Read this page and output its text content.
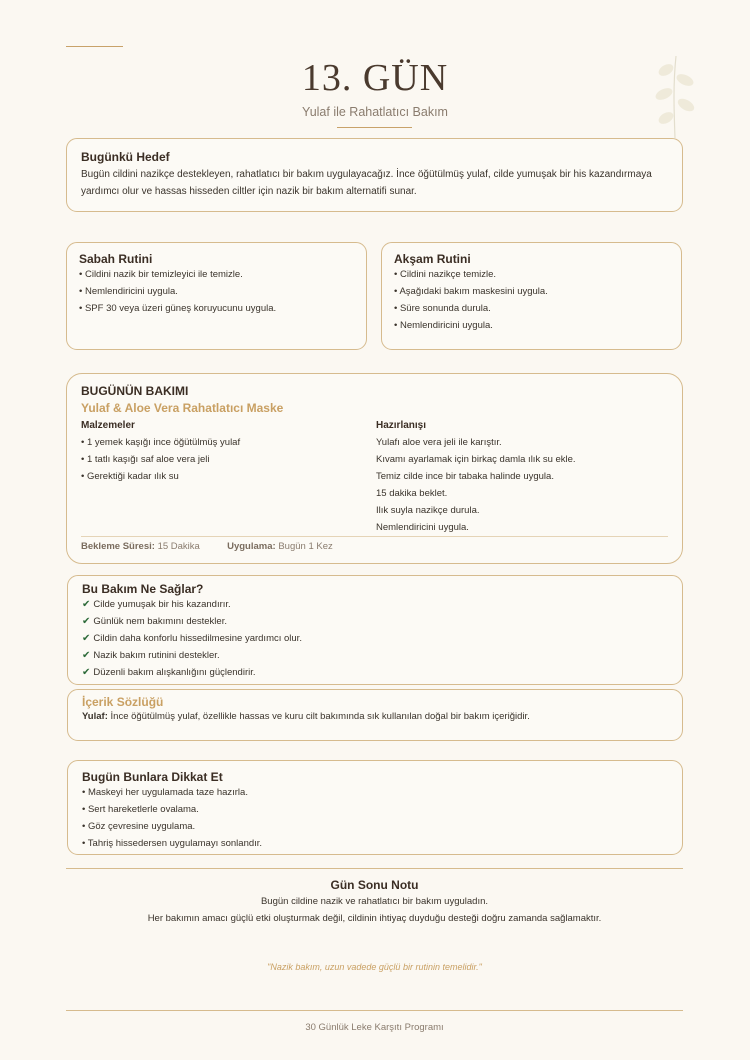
13. GÜN
Yulaf ile Rahatlatıcı Bakım
Bugünkü Hedef
Bugün cildini nazikçe destekleyen, rahatlatıcı bir bakım uygulayacağız. İnce öğütülmüş yulaf, cilde yumuşak bir his kazandırmaya yardımcı olur ve hassas hisseden ciltler için nazik bir bakım alternatifi sunar.
Sabah Rutini
• Cildini nazik bir temizleyici ile temizle.
• Nemlendiricini uygula.
• SPF 30 veya üzeri güneş koruyucunu uygula.
Akşam Rutini
• Cildini nazikçe temizle.
• Aşağıdaki bakım maskesini uygula.
• Süre sonunda durula.
• Nemlendiricini uygula.
BUGÜNÜN BAKIMI
Yulaf & Aloe Vera Rahatlatıcı Maske
Malzemeler
• 1 yemek kaşığı ince öğütülmüş yulaf
• 1 tatlı kaşığı saf aloe vera jeli
• Gerektiği kadar ılık su
Hazırlanışı
Yulafı aloe vera jeli ile karıştır.
Kıvamı ayarlamak için birkaç damla ılık su ekle.
Temiz cilde ince bir tabaka halinde uygula.
15 dakika beklet.
Ilık suyla nazikçe durula.
Nemlendiricini uygula.
Bekleme Süresi: 15 Dakika	Uygulama: Bugün 1 Kez
Bu Bakım Ne Sağlar?
✔ Cilde yumuşak bir his kazandırır.
✔ Günlük nem bakımını destekler.
✔ Cildin daha konforlu hissedilmesine yardımcı olur.
✔ Nazik bakım rutinini destekler.
✔ Düzenli bakım alışkanlığını güçlendirir.
İçerik Sözlüğü
Yulaf: İnce öğütülmüş yulaf, özellikle hassas ve kuru cilt bakımında sık kullanılan doğal bir bakım içeriğidir.
Bugün Bunlara Dikkat Et
• Maskeyi her uygulamada taze hazırla.
• Sert hareketlerle ovalama.
• Göz çevresine uygulama.
• Tahriş hissedersen uygulamayı sonlandır.
Gün Sonu Notu
Bugün cildine nazik ve rahatlatıcı bir bakım uyguladın.
Her bakımın amacı güçlü etki oluşturmak değil, cildinin ihtiyaç duyduğu desteği doğru zamanda sağlamaktır.
"Nazik bakım, uzun vadede güçlü bir rutinin temelidir."
30 Günlük Leke Karşıtı Programı
